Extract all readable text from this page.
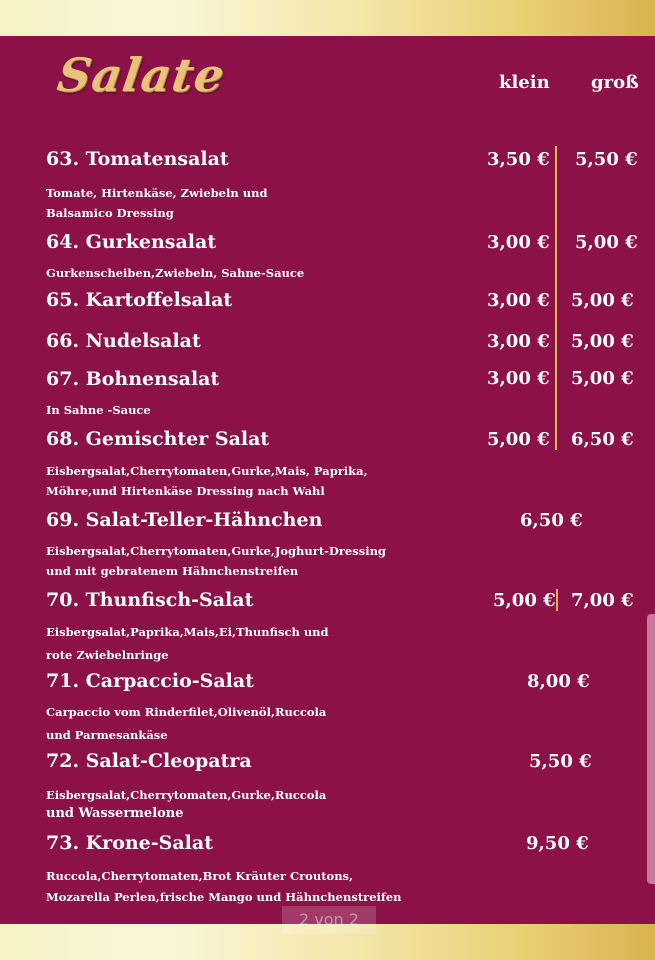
Salate	klein groß
63. Tomatensalat	3,50 € 5,50 €
Tomate, Hirtenkäse, Zwiebeln und
Balsamico Dressing
64. Gurkensalat	3,00 € 5,00 €
Gurkenscheiben,Zwiebeln, Sahne-Sauce
65. Kartoffelsalat	3,00 € 5,00 €
66. Nudelsalat	3,00 € 5,00 €
67. Bohnensalat	3,00 € 5,00 €
In Sahne -Sauce
68. Gemischter Salat	5,00 € 6,50 €
Eisbergsalat,Cherrytomaten,Gurke,Mais, Paprika,
Möhre,und Hirtenkäse Dressing nach Wahl
69. Salat-Teller-Hähnchen	6,50 €
Eisbergsalat,Cherrytomaten,Gurke,Joghurt-Dressing
und mit gebratenem Hähnchenstreifen
70. Thunfisch-Salat	5,00 € 7,00 €
Eisbergsalat,Paprika,Mais,Ei,Thunfisch und
rote Zwiebelnringe
71. Carpaccio-Salat	8,00 €
Carpaccio vom Rinderfilet,Olivenöl,Ruccola
und Parmesankäse
72. Salat-Cleopatra	5,50 €
Eisbergsalat,Cherrytomaten,Gurke,Ruccola
und Wassermelone
73. Krone-Salat	9,50 €
Ruccola,Cherrytomaten,Brot Kräuter Croutons,
Mozarella Perlen,frische Mango und Hähnchenstreifen
2 von 2
